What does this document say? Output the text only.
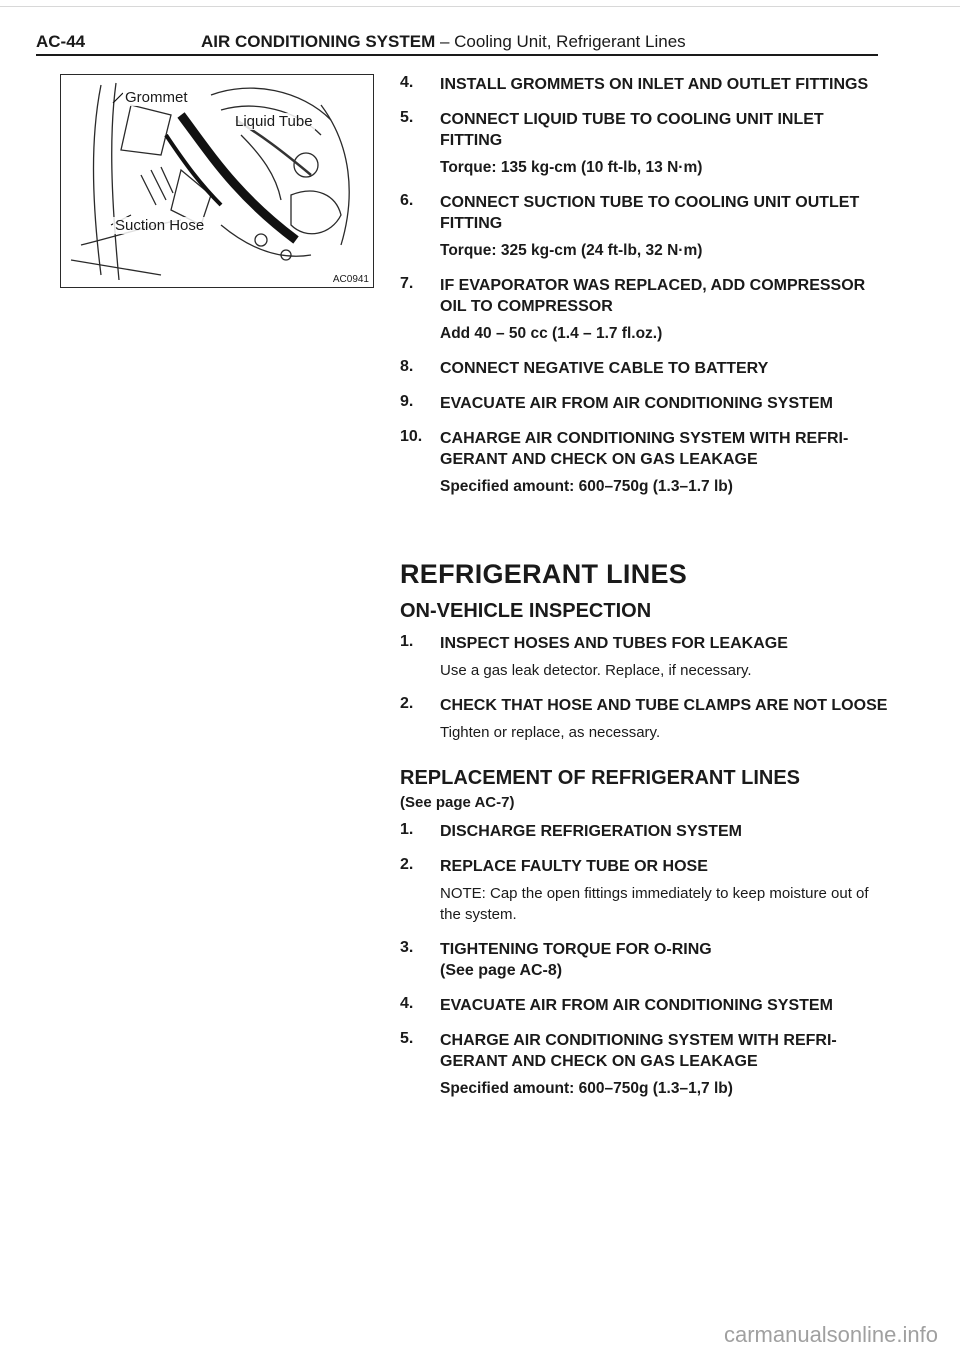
AC-44	AIR CONDITIONING SYSTEM – Cooling Unit, Refrigerant Lines
Grommet
Liquid Tube
Suction Hose
AC0941
4. INSTALL GROMMETS ON INLET AND OUTLET FITTINGS
5. CONNECT LIQUID TUBE TO COOLING UNIT INLET FITTING
Torque: 135 kg-cm (10 ft-lb, 13 N·m)
6. CONNECT SUCTION TUBE TO COOLING UNIT OUTLET FITTING
Torque: 325 kg-cm (24 ft-lb, 32 N·m)
7. IF EVAPORATOR WAS REPLACED, ADD COMPRESSOR OIL TO COMPRESSOR
Add 40 – 50 cc (1.4 – 1.7 fl.oz.)
8. CONNECT NEGATIVE CABLE TO BATTERY
9. EVACUATE AIR FROM AIR CONDITIONING SYSTEM
10. CAHARGE AIR CONDITIONING SYSTEM WITH REFRI-GERANT AND CHECK ON GAS LEAKAGE
Specified amount: 600–750g (1.3–1.7 lb)
REFRIGERANT LINES
ON-VEHICLE INSPECTION
1. INSPECT HOSES AND TUBES FOR LEAKAGE
Use a gas leak detector. Replace, if necessary.
2. CHECK THAT HOSE AND TUBE CLAMPS ARE NOT LOOSE
Tighten or replace, as necessary.
REPLACEMENT OF REFRIGERANT LINES
(See page AC-7)
1. DISCHARGE REFRIGERATION SYSTEM
2. REPLACE FAULTY TUBE OR HOSE
NOTE: Cap the open fittings immediately to keep moisture out of the system.
3. TIGHTENING TORQUE FOR O-RING
(See page AC-8)
4. EVACUATE AIR FROM AIR CONDITIONING SYSTEM
5. CHARGE AIR CONDITIONING SYSTEM WITH REFRI-GERANT AND CHECK ON GAS LEAKAGE
Specified amount: 600–750g (1.3–1,7 lb)
carmanualsonline.info
